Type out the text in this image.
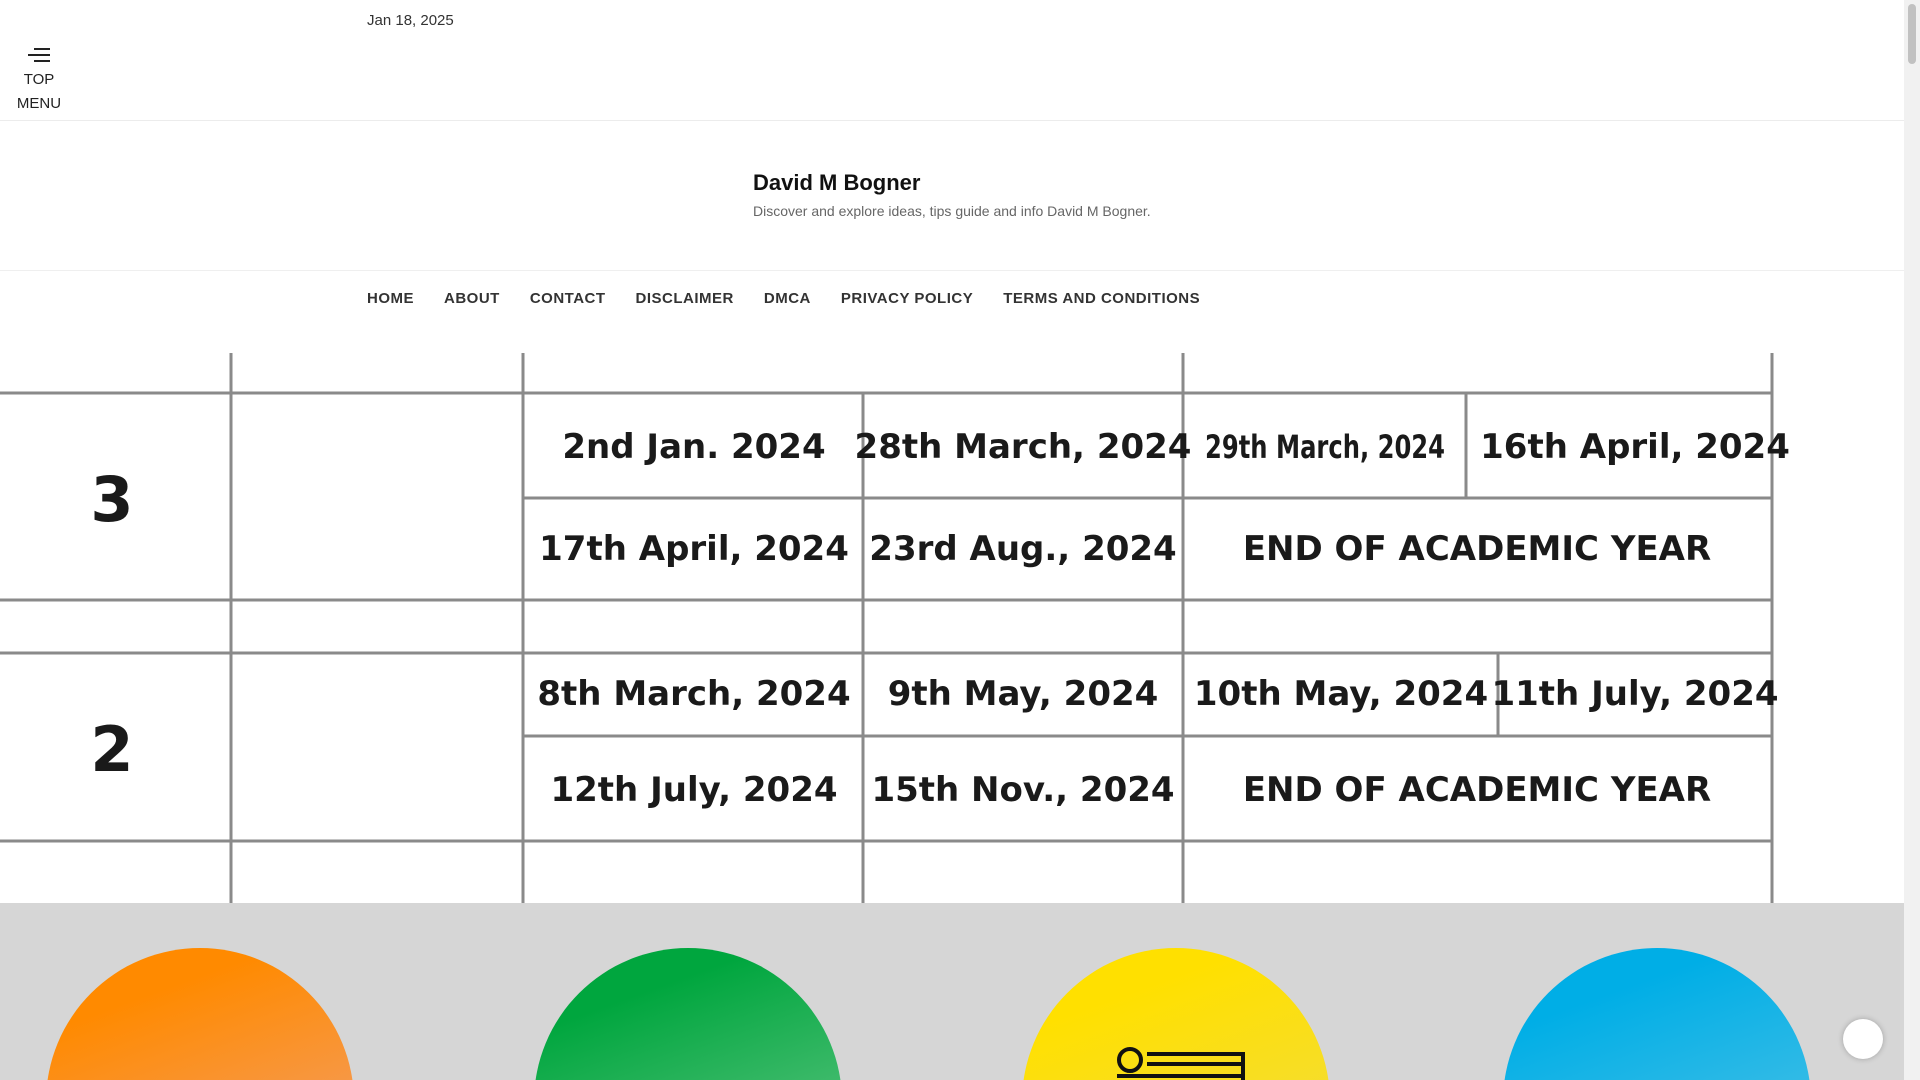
TOP
MENU
Jan 18, 2025
David M Bogner
Discover and explore ideas, tips guide and info David M Bogner.
HOME ABOUT CONTACT DISCLAIMER DMCA PRIVACY POLICY TERMS AND CONDITIONS
3
2nd Jan. 2024 28th March, 2024 29th March, 2024 16th April, 2024
17th April, 2024 23rd Aug., 2024 END OF ACADEMIC YEAR
2
8th March, 2024 9th May, 2024 10th May, 2024 11th July, 2024
12th July, 2024 15th Nov., 2024 END OF ACADEMIC YEAR
